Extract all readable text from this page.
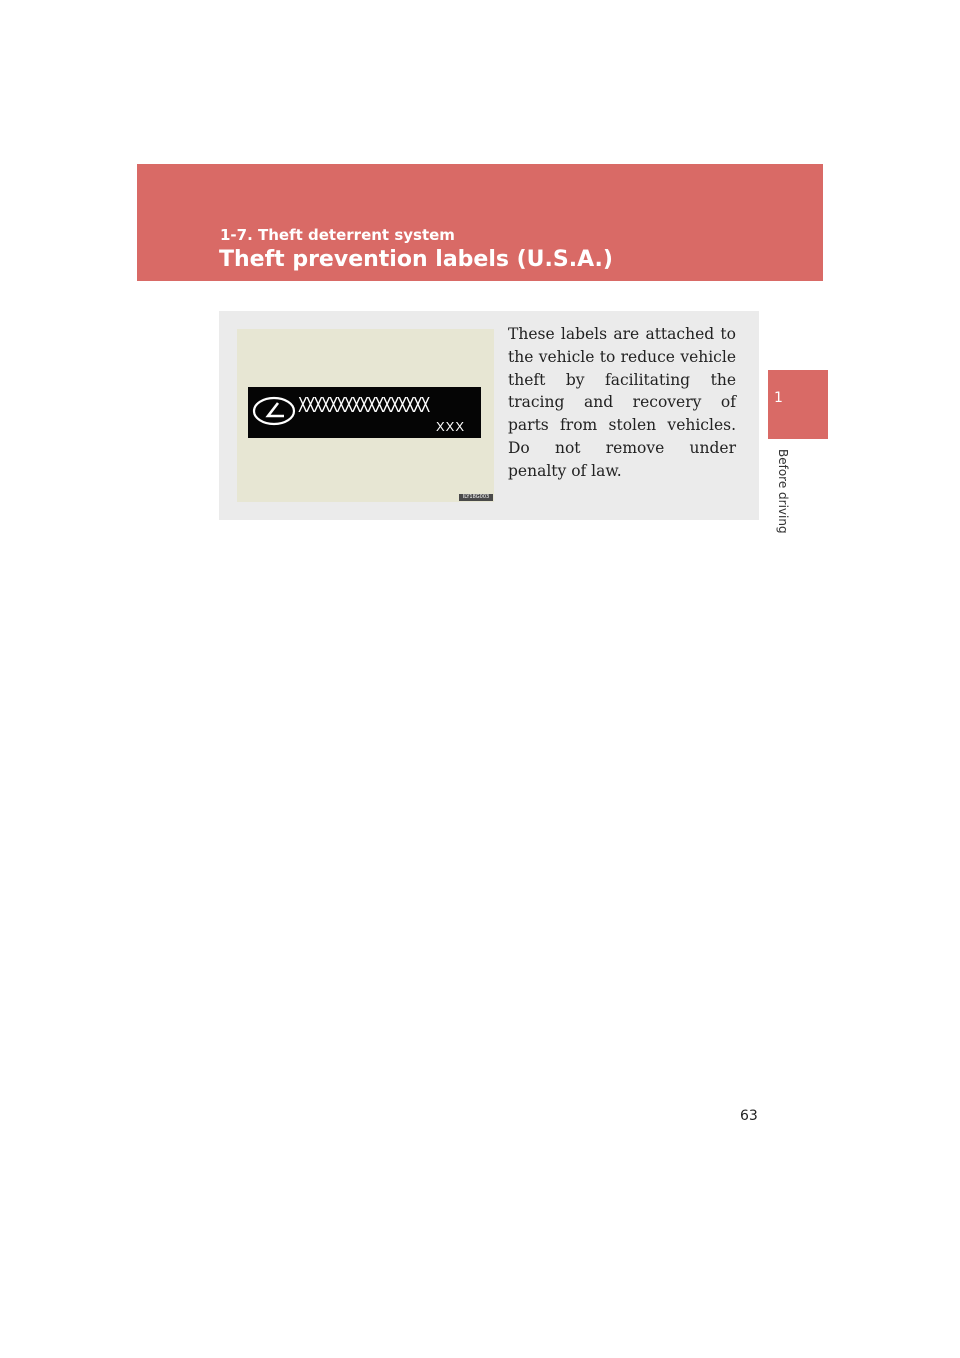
1-7. Theft deterrent system
Theft prevention labels (U.S.A.)
1
Before driving
XXXXXXXXXXXXXXXXX
XXX
ILY18G003
These labels are attached to the vehicle to reduce vehicle theft by facilitating the tracing and recovery of parts from stolen vehicles. Do not remove under penalty of law.
63
